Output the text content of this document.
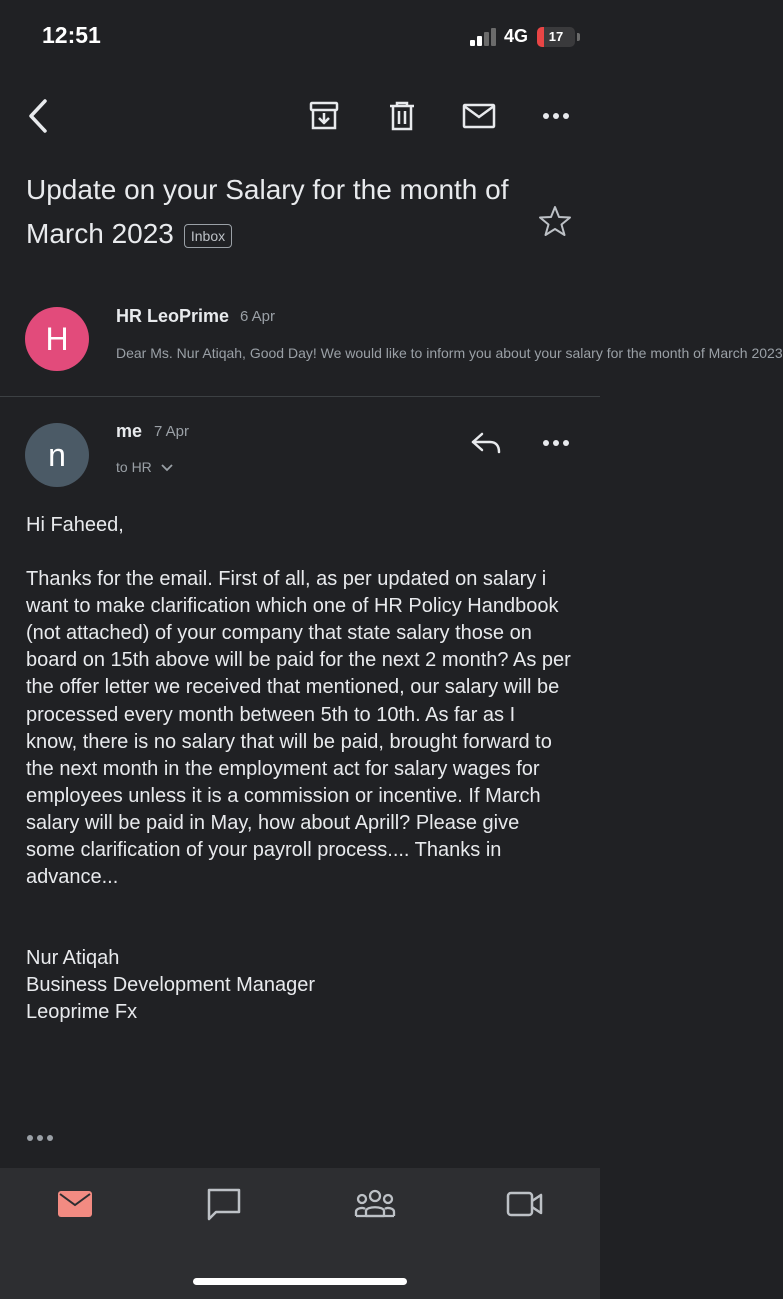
12:51	4G	17
Update on your Salary for the month of March 2023 Inbox
H
HR LeoPrime 6 Apr
Dear Ms. Nur Atiqah, Good Day! We would like to inform you about your salary for the month of March 2023
n
me 7 Apr
to HR

Hi Faheed,

Thanks for the email. First of all, as per updated on salary i want to make clarification which one of HR Policy Handbook (not attached) of your company that state salary those on board on 15th above will be paid for the next 2 month? As per the offer letter we received that mentioned, our salary will be processed every month between 5th to 10th. As far as I know, there is no salary that will be paid, brought forward to the next month in the employment act for salary wages for employees unless it is a commission or incentive. If March salary will be paid in May, how about Aprill? Please give some clarification of your payroll process.... Thanks in advance...

Nur Atiqah

Business Development Manager

Leoprime Fx
